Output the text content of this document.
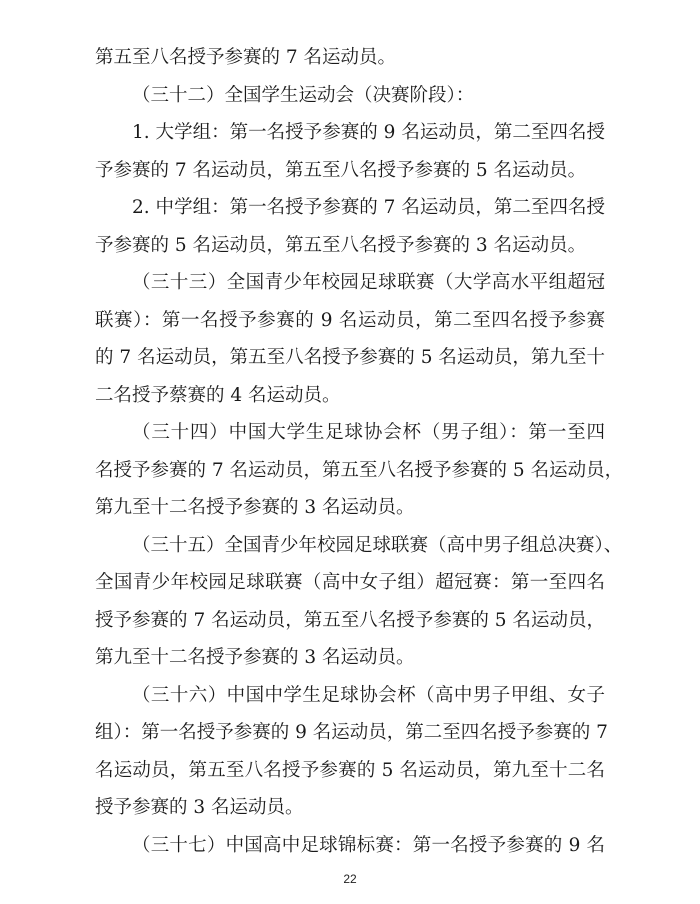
22
第五至八名授予参赛的 7 名运动员。
（三十二）全国学生运动会（决赛阶段）：
1. 大学组：第一名授予参赛的 9 名运动员，第二至四名授
予参赛的 7 名运动员，第五至八名授予参赛的 5 名运动员。
2. 中学组：第一名授予参赛的 7 名运动员，第二至四名授
予参赛的 5 名运动员，第五至八名授予参赛的 3 名运动员。
（三十三）全国青少年校园足球联赛（大学高水平组超冠
联赛）：第一名授予参赛的 9 名运动员，第二至四名授予参赛
的 7 名运动员，第五至八名授予参赛的 5 名运动员，第九至十
二名授予蔡赛的 4 名运动员。
（三十四）中国大学生足球协会杯（男子组）：第一至四
名授予参赛的 7 名运动员，第五至八名授予参赛的 5 名运动员，
第九至十二名授予参赛的 3 名运动员。
（三十五）全国青少年校园足球联赛（高中男子组总决赛）、
全国青少年校园足球联赛（高中女子组）超冠赛：第一至四名
授予参赛的 7 名运动员，第五至八名授予参赛的 5 名运动员，
第九至十二名授予参赛的 3 名运动员。
（三十六）中国中学生足球协会杯（高中男子甲组、女子
组）：第一名授予参赛的 9 名运动员，第二至四名授予参赛的 7
名运动员，第五至八名授予参赛的 5 名运动员，第九至十二名
授予参赛的 3 名运动员。
（三十七）中国高中足球锦标赛：第一名授予参赛的 9 名
